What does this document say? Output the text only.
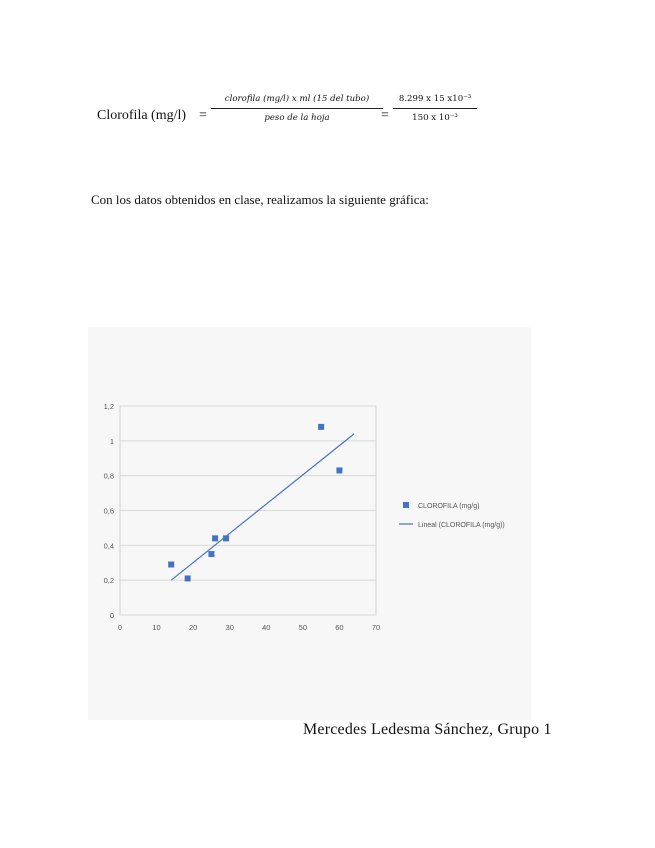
Clorofila (mg/l) =
clorofila (mg/l) x ml (15 del tubo)
peso de la hoja	=
8.299 x 15 x10⁻³
150 x 10⁻³
Con los datos obtenidos en clase, realizamos la siguiente gráfica:
0
0,2
0,4
0,6
0,8
1
1,2
0	10	20	30	40	50	60	70
CLOROFILA (mg/g)
Lineal (CLOROFILA (mg/g))
Mercedes Ledesma Sánchez, Grupo 1
